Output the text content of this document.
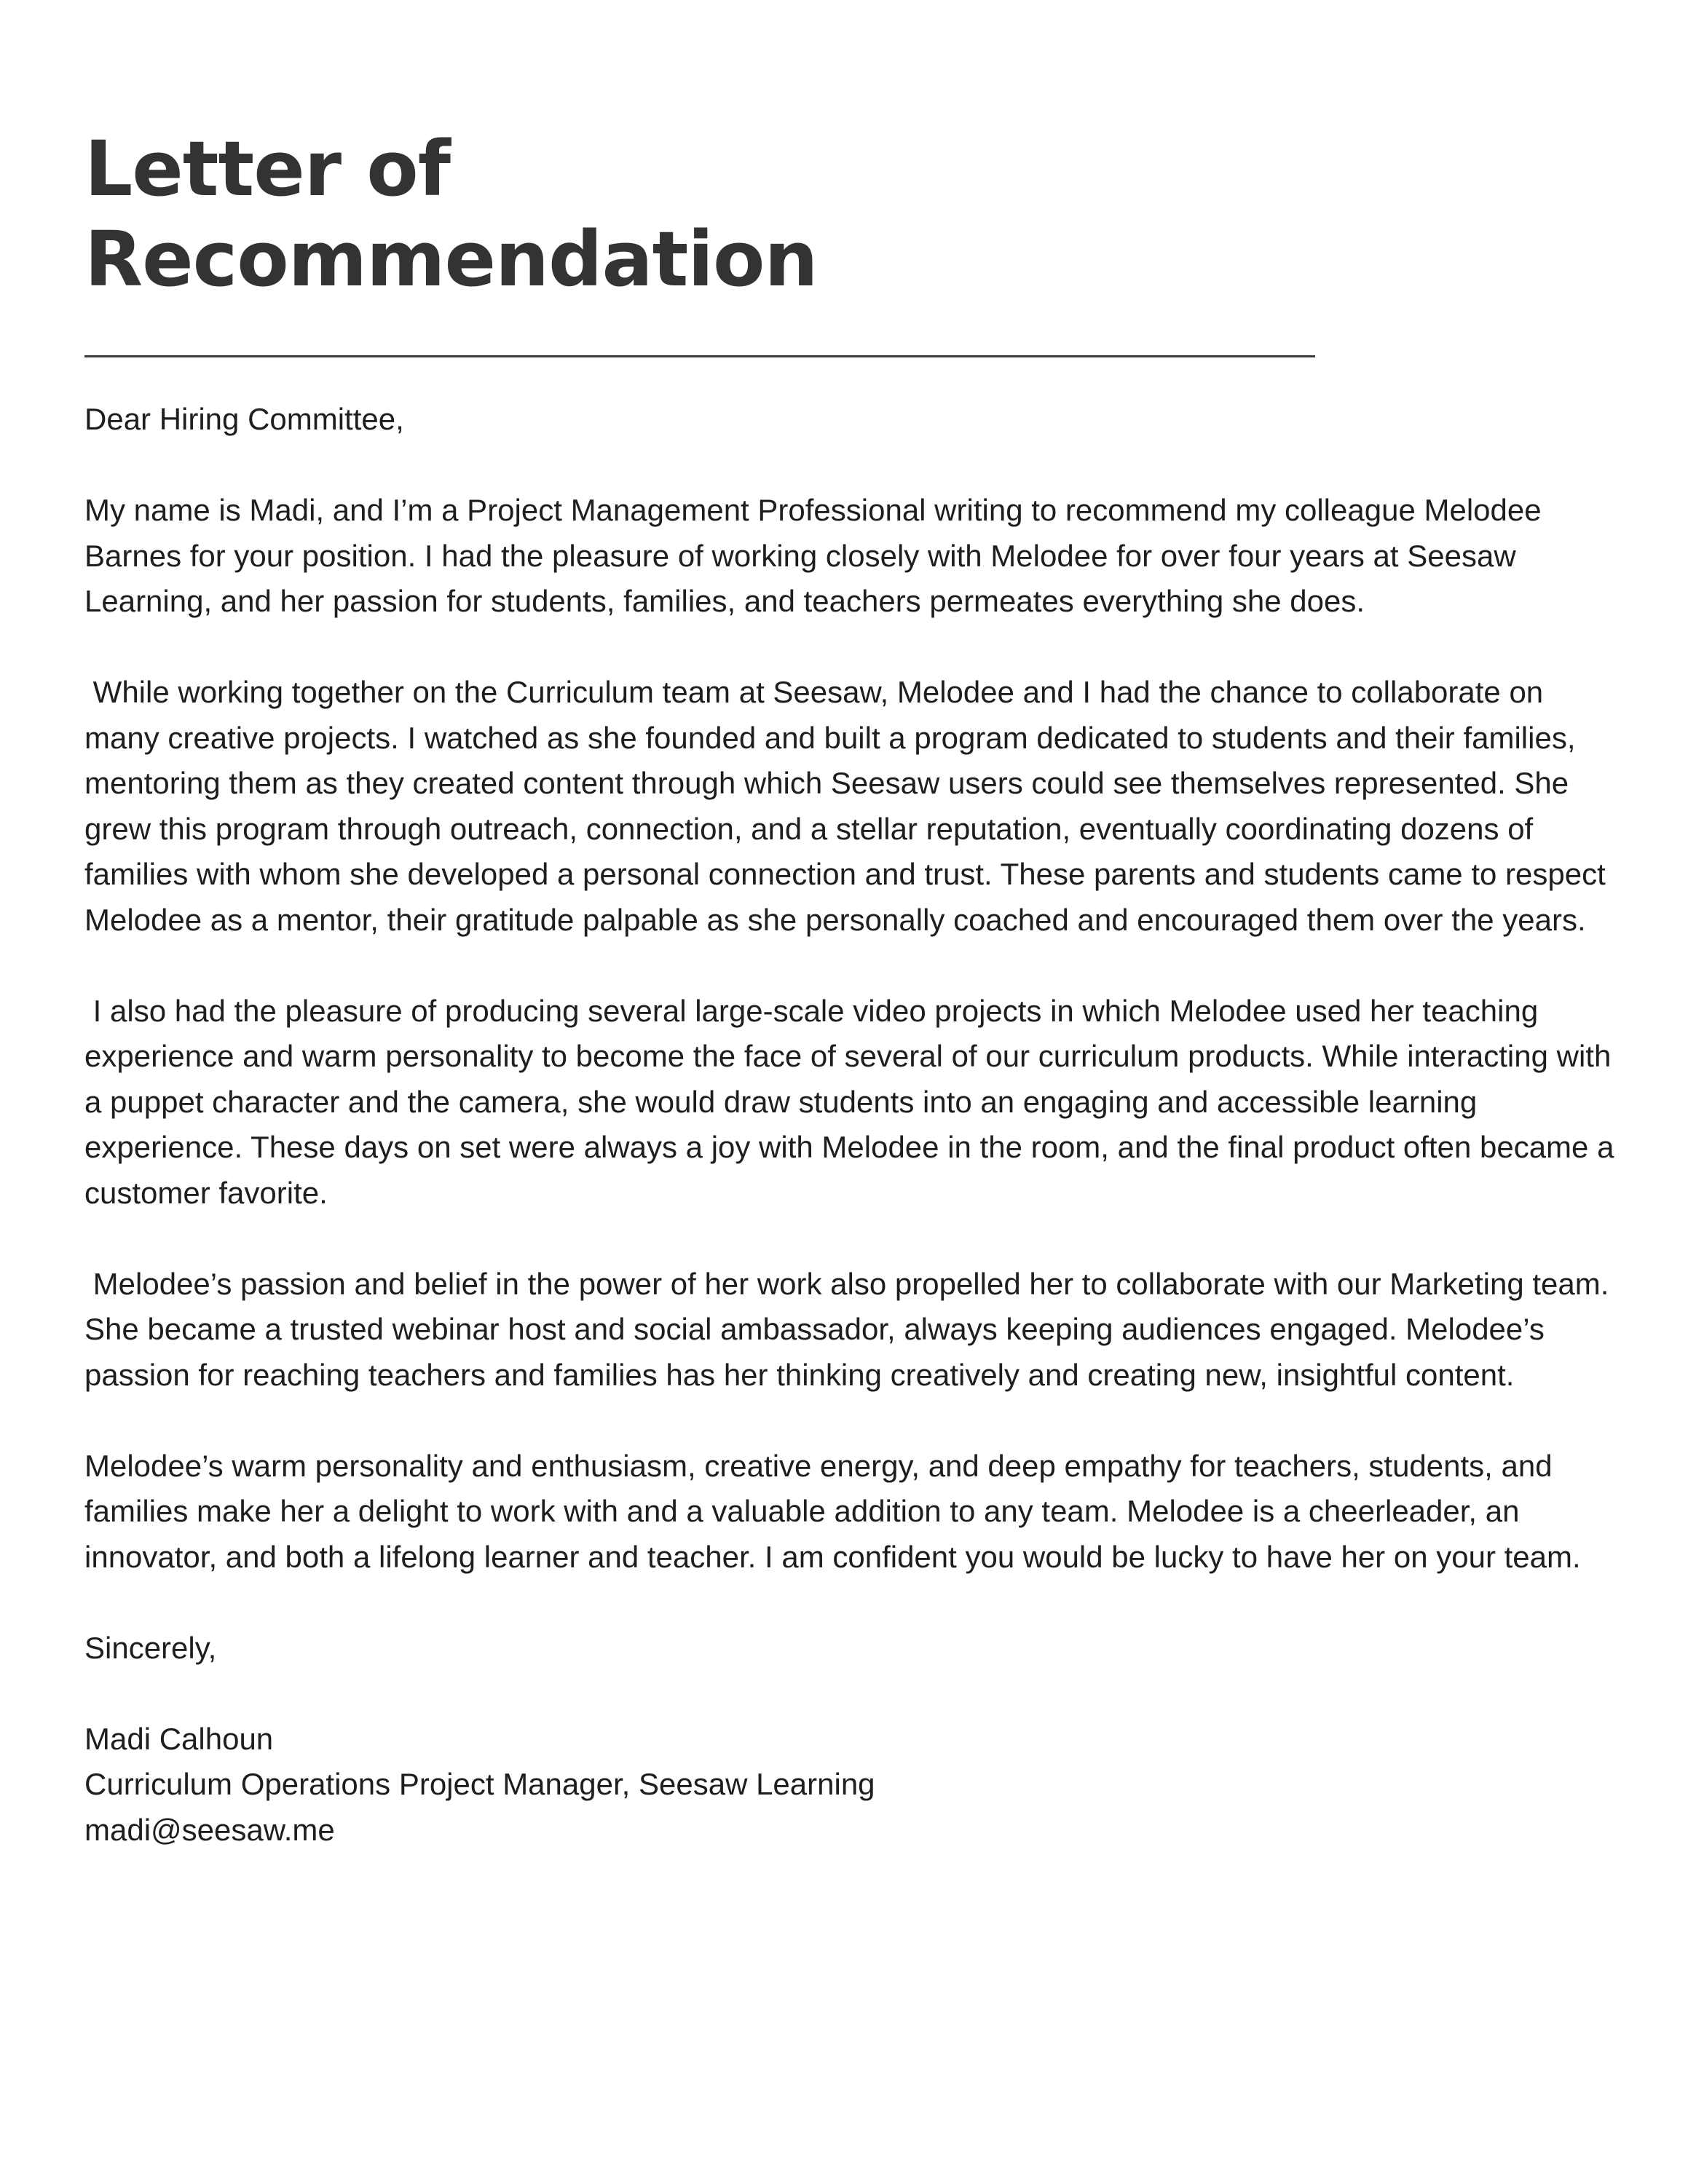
Letter of
Recommendation

Dear Hiring Committee,

My name is Madi, and I’m a Project Management Professional writing to recommend my colleague Melodee Barnes for your position. I had the pleasure of working closely with Melodee for over four years at Seesaw Learning, and her passion for students, families, and teachers permeates everything she does.

While working together on the Curriculum team at Seesaw, Melodee and I had the chance to collaborate on many creative projects. I watched as she founded and built a program dedicated to students and their families, mentoring them as they created content through which Seesaw users could see themselves represented. She grew this program through outreach, connection, and a stellar reputation, eventually coordinating dozens of families with whom she developed a personal connection and trust. These parents and students came to respect Melodee as a mentor, their gratitude palpable as she personally coached and encouraged them over the years.

I also had the pleasure of producing several large-scale video projects in which Melodee used her teaching experience and warm personality to become the face of several of our curriculum products. While interacting with a puppet character and the camera, she would draw students into an engaging and accessible learning experience. These days on set were always a joy with Melodee in the room, and the final product often became a customer favorite.

Melodee’s passion and belief in the power of her work also propelled her to collaborate with our Marketing team. She became a trusted webinar host and social ambassador, always keeping audiences engaged. Melodee’s passion for reaching teachers and families has her thinking creatively and creating new, insightful content.

Melodee’s warm personality and enthusiasm, creative energy, and deep empathy for teachers, students, and families make her a delight to work with and a valuable addition to any team. Melodee is a cheerleader, an innovator, and both a lifelong learner and teacher. I am confident you would be lucky to have her on your team.

Sincerely,

Madi Calhoun
Curriculum Operations Project Manager, Seesaw Learning
madi@seesaw.me
